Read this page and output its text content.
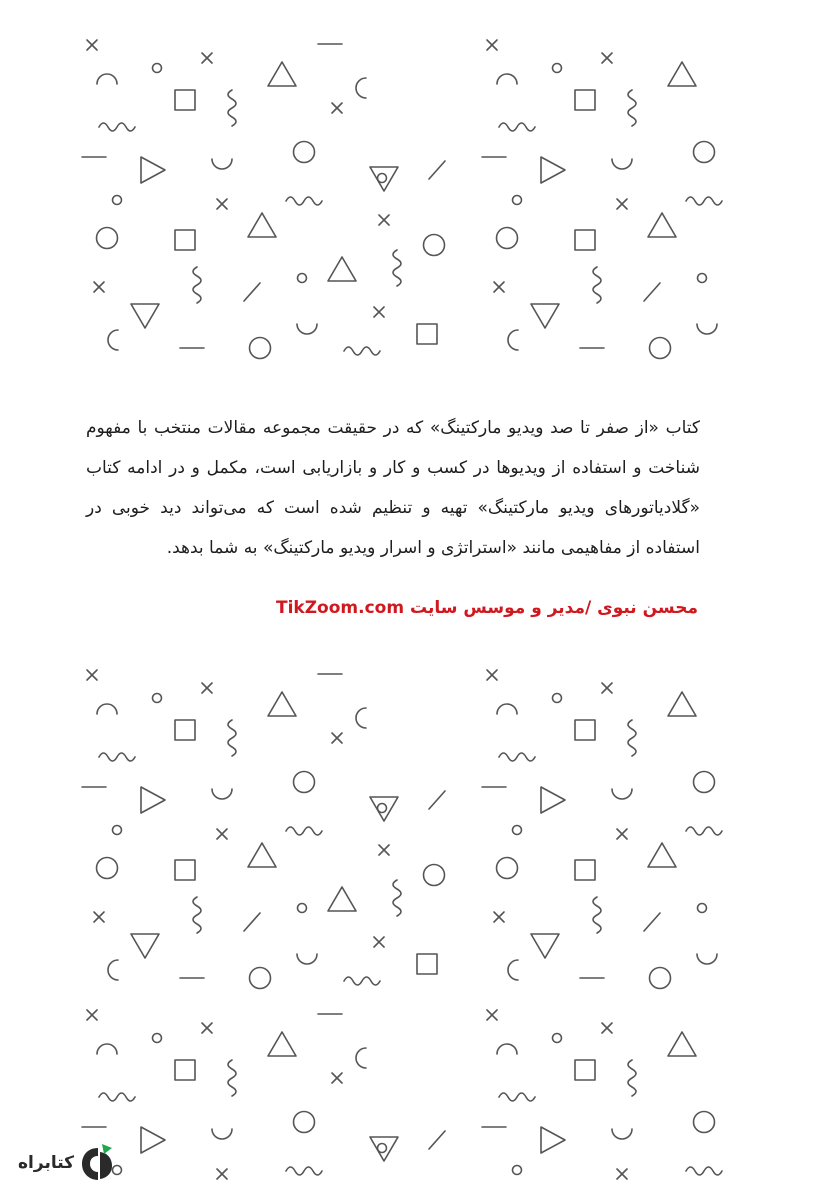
کتاب «از صفر تا صد ویدیو مارکتینگ» که در حقیقت مجموعه مقالات منتخب با مفهوم شناخت و استفاده از ویدیوها در کسب و کار و بازاریابی است، مکمل و در ادامه کتاب «گلادیاتورهای ویدیو مارکتینگ» تهیه و تنظیم شده است که می‌تواند دید خوبی در استفاده از مفاهیمی مانند «استراتژی و اسرار ویدیو مارکتینگ» به شما بدهد.

محسن نبوی /مدیر و موسس سایت TikZoom.com
کتابراه
